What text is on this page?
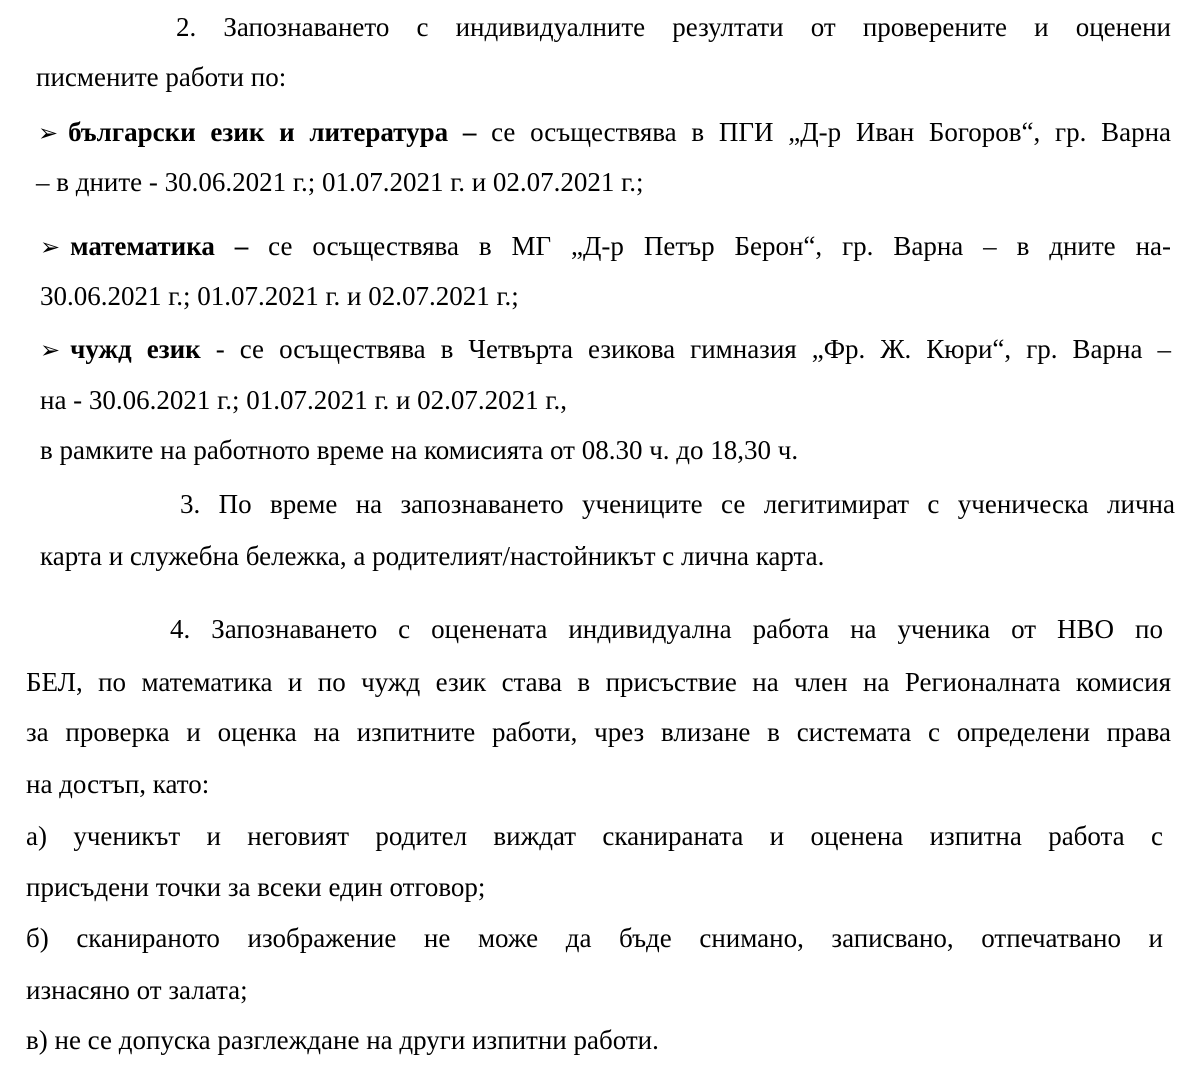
2. Запознаването с индивидуалните резултати от проверените и оценени
писмените работи по:
➢ български език и литература – се осъществява в ПГИ „Д-р Иван Богоров“, гр. Варна
– в дните - 30.06.2021 г.; 01.07.2021 г. и 02.07.2021 г.;
➢ математика – се осъществява в МГ „Д-р Петър Берон“, гр. Варна – в дните на-
30.06.2021 г.; 01.07.2021 г. и 02.07.2021 г.;
➢ чужд език - се осъществява в Четвърта езикова гимназия „Фр. Ж. Кюри“, гр. Варна –
на - 30.06.2021 г.; 01.07.2021 г. и 02.07.2021 г.,
в рамките на работното време на комисията от 08.30 ч. до 18,30 ч.
3. По време на запознаването учениците се легитимират с ученическа лична
карта и служебна бележка, а родителият/настойникът с лична карта.
4. Запознаването с оценената индивидуална работа на ученика от НВО по
БЕЛ, по математика и по чужд език става в присъствие на член на Регионалната комисия
за проверка и оценка на изпитните работи, чрез влизане в системата с определени права
на достъп, като:
а) ученикът и неговият родител виждат сканираната и оценена изпитна работа с
присъдени точки за всеки един отговор;
б) сканираното изображение не може да бъде снимано, записвано, отпечатвано и
изнасяно от залата;
в) не се допуска разглеждане на други изпитни работи.
